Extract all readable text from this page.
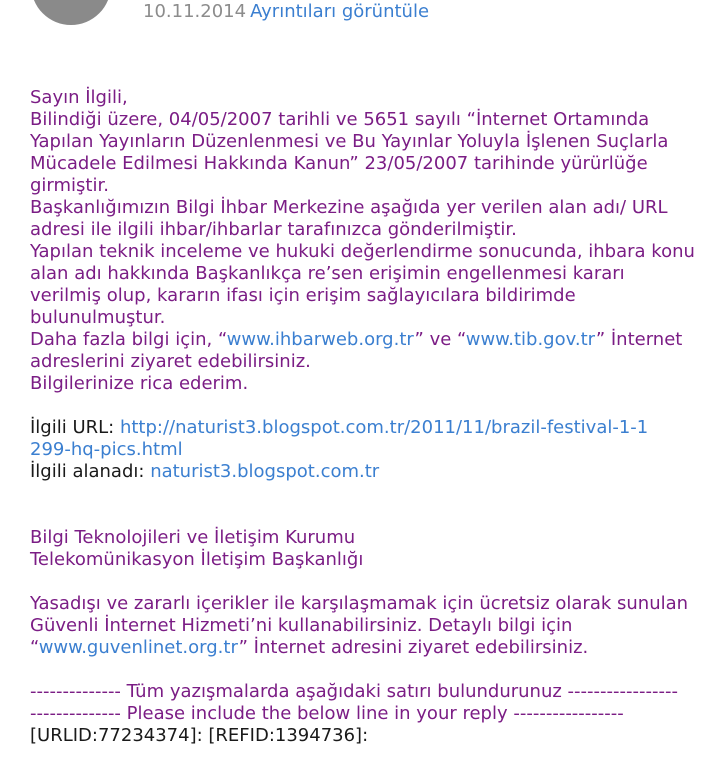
10.11.2014 Ayrıntıları görüntüle
Sayın İlgili,
Bilindiği üzere, 04/05/2007 tarihli ve 5651 sayılı “İnternet Ortamında
Yapılan Yayınların Düzenlenmesi ve Bu Yayınlar Yoluyla İşlenen Suçlarla
Mücadele Edilmesi Hakkında Kanun” 23/05/2007 tarihinde yürürlüğe
girmiştir.
Başkanlığımızın Bilgi İhbar Merkezine aşağıda yer verilen alan adı/ URL
adresi ile ilgili ihbar/ihbarlar tarafınızca gönderilmiştir.
Yapılan teknik inceleme ve hukuki değerlendirme sonucunda, ihbara konu
alan adı hakkında Başkanlıkça re’sen erişimin engellenmesi kararı
verilmiş olup, kararın ifası için erişim sağlayıcılara bildirimde
bulunulmuştur.
Daha fazla bilgi için, “www.ihbarweb.org.tr” ve “www.tib.gov.tr” İnternet
adreslerini ziyaret edebilirsiniz.
Bilgilerinize rica ederim.
İlgili URL: http://naturist3.blogspot.com.tr/2011/11/brazil-festival-1-1
299-hq-pics.html
İlgili alanadı: naturist3.blogspot.com.tr
Bilgi Teknolojileri ve İletişim Kurumu
Telekomünikasyon İletişim Başkanlığı
Yasadışı ve zararlı içerikler ile karşılaşmamak için ücretsiz olarak sunulan
Güvenli İnternet Hizmeti’ni kullanabilirsiniz. Detaylı bilgi için
“www.guvenlinet.org.tr” İnternet adresini ziyaret edebilirsiniz.
-------------- Tüm yazışmalarda aşağıdaki satırı bulundurunuz -----------------
-------------- Please include the below line in your reply -----------------
[URLID:77234374]: [REFID:1394736]:
